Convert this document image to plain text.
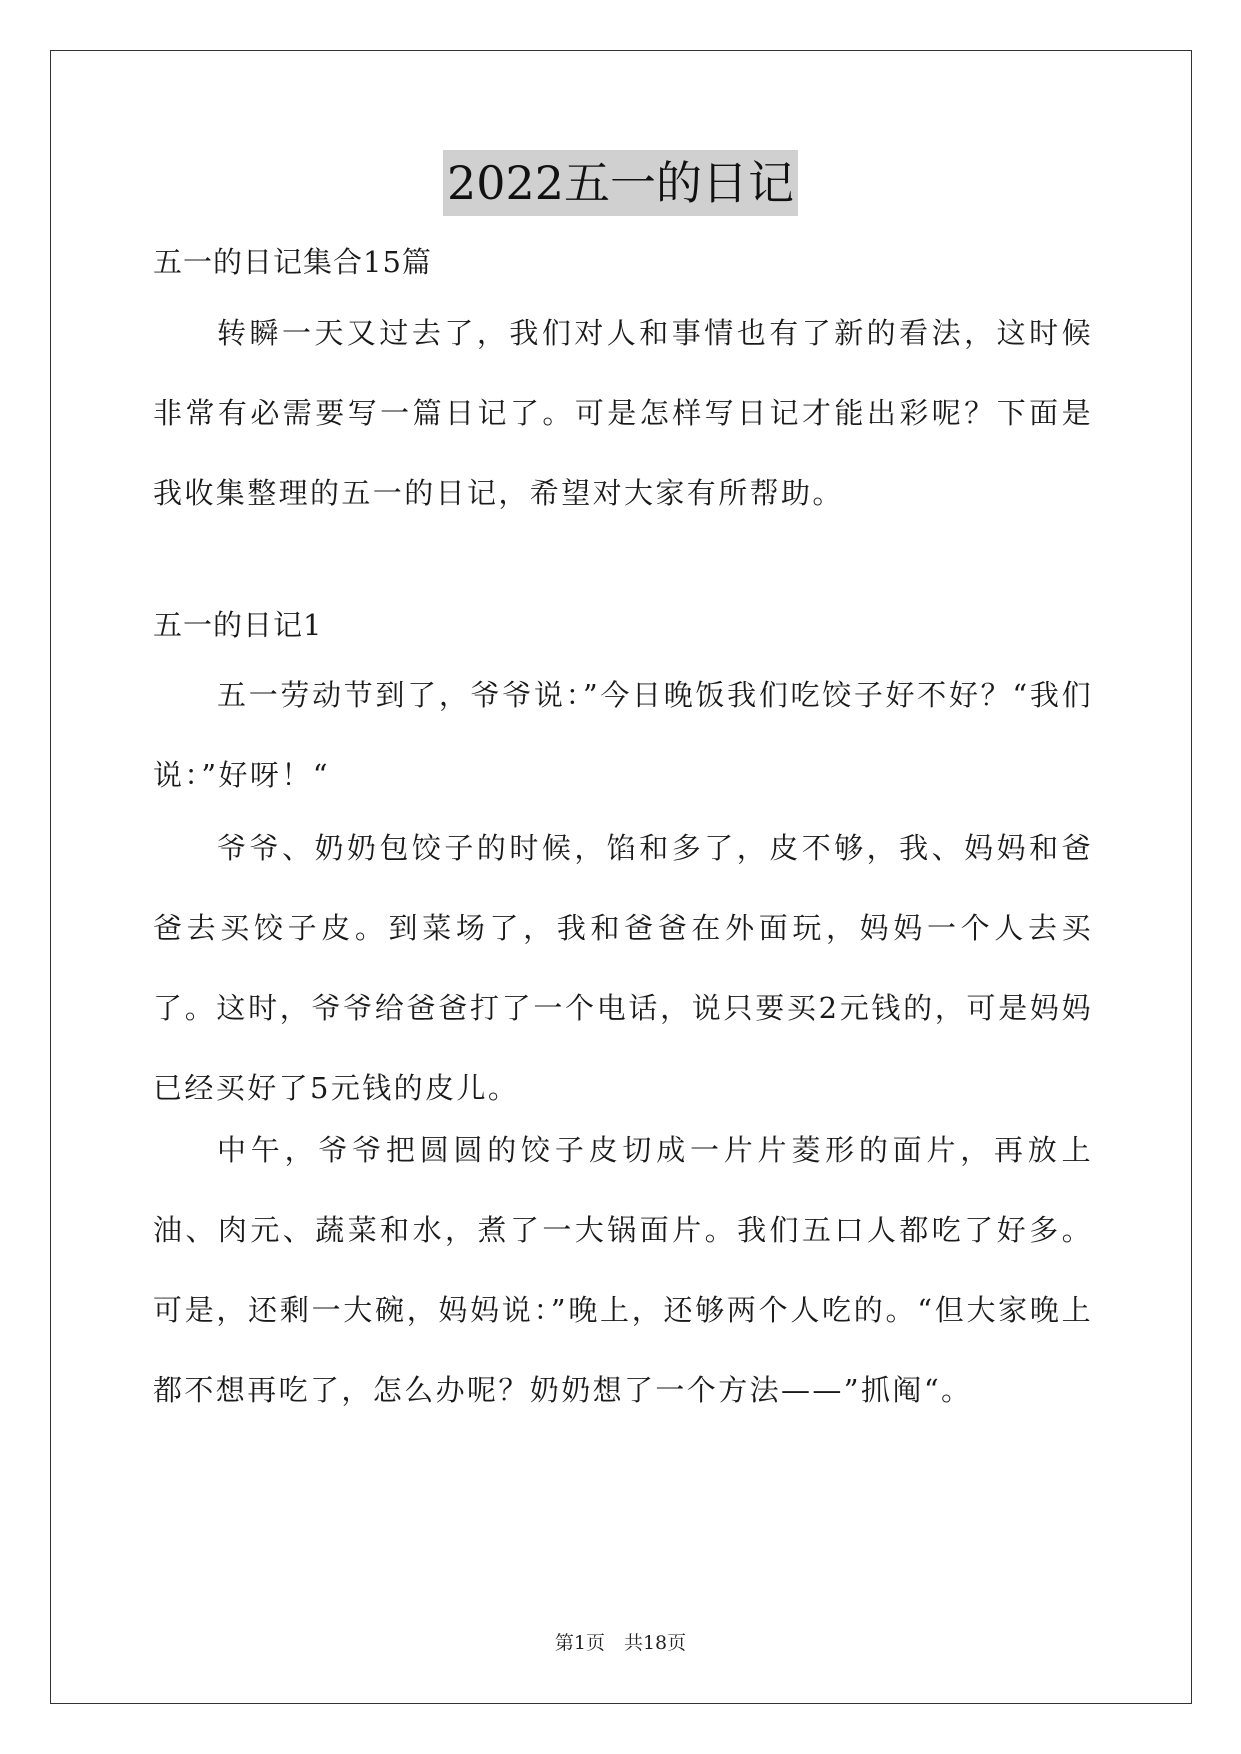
2022五一的日记
五一的日记集合15篇
转瞬一天又过去了，我们对人和事情也有了新的看法，这时候非常有必需要写一篇日记了。可是怎样写日记才能出彩呢？下面是我收集整理的五一的日记，希望对大家有所帮助。
五一的日记1
五一劳动节到了，爷爷说：”今日晚饭我们吃饺子好不好？“我们说：”好呀！“
爷爷、奶奶包饺子的时候，馅和多了，皮不够，我、妈妈和爸爸去买饺子皮。到菜场了，我和爸爸在外面玩，妈妈一个人去买了。这时，爷爷给爸爸打了一个电话，说只要买2元钱的，可是妈妈已经买好了5元钱的皮儿。
中午，爷爷把圆圆的饺子皮切成一片片菱形的面片，再放上油、肉元、蔬菜和水，煮了一大锅面片。我们五口人都吃了好多。可是，还剩一大碗，妈妈说：”晚上，还够两个人吃的。“但大家晚上都不想再吃了，怎么办呢？奶奶想了一个方法——”抓阄“。
第1页　共18页
